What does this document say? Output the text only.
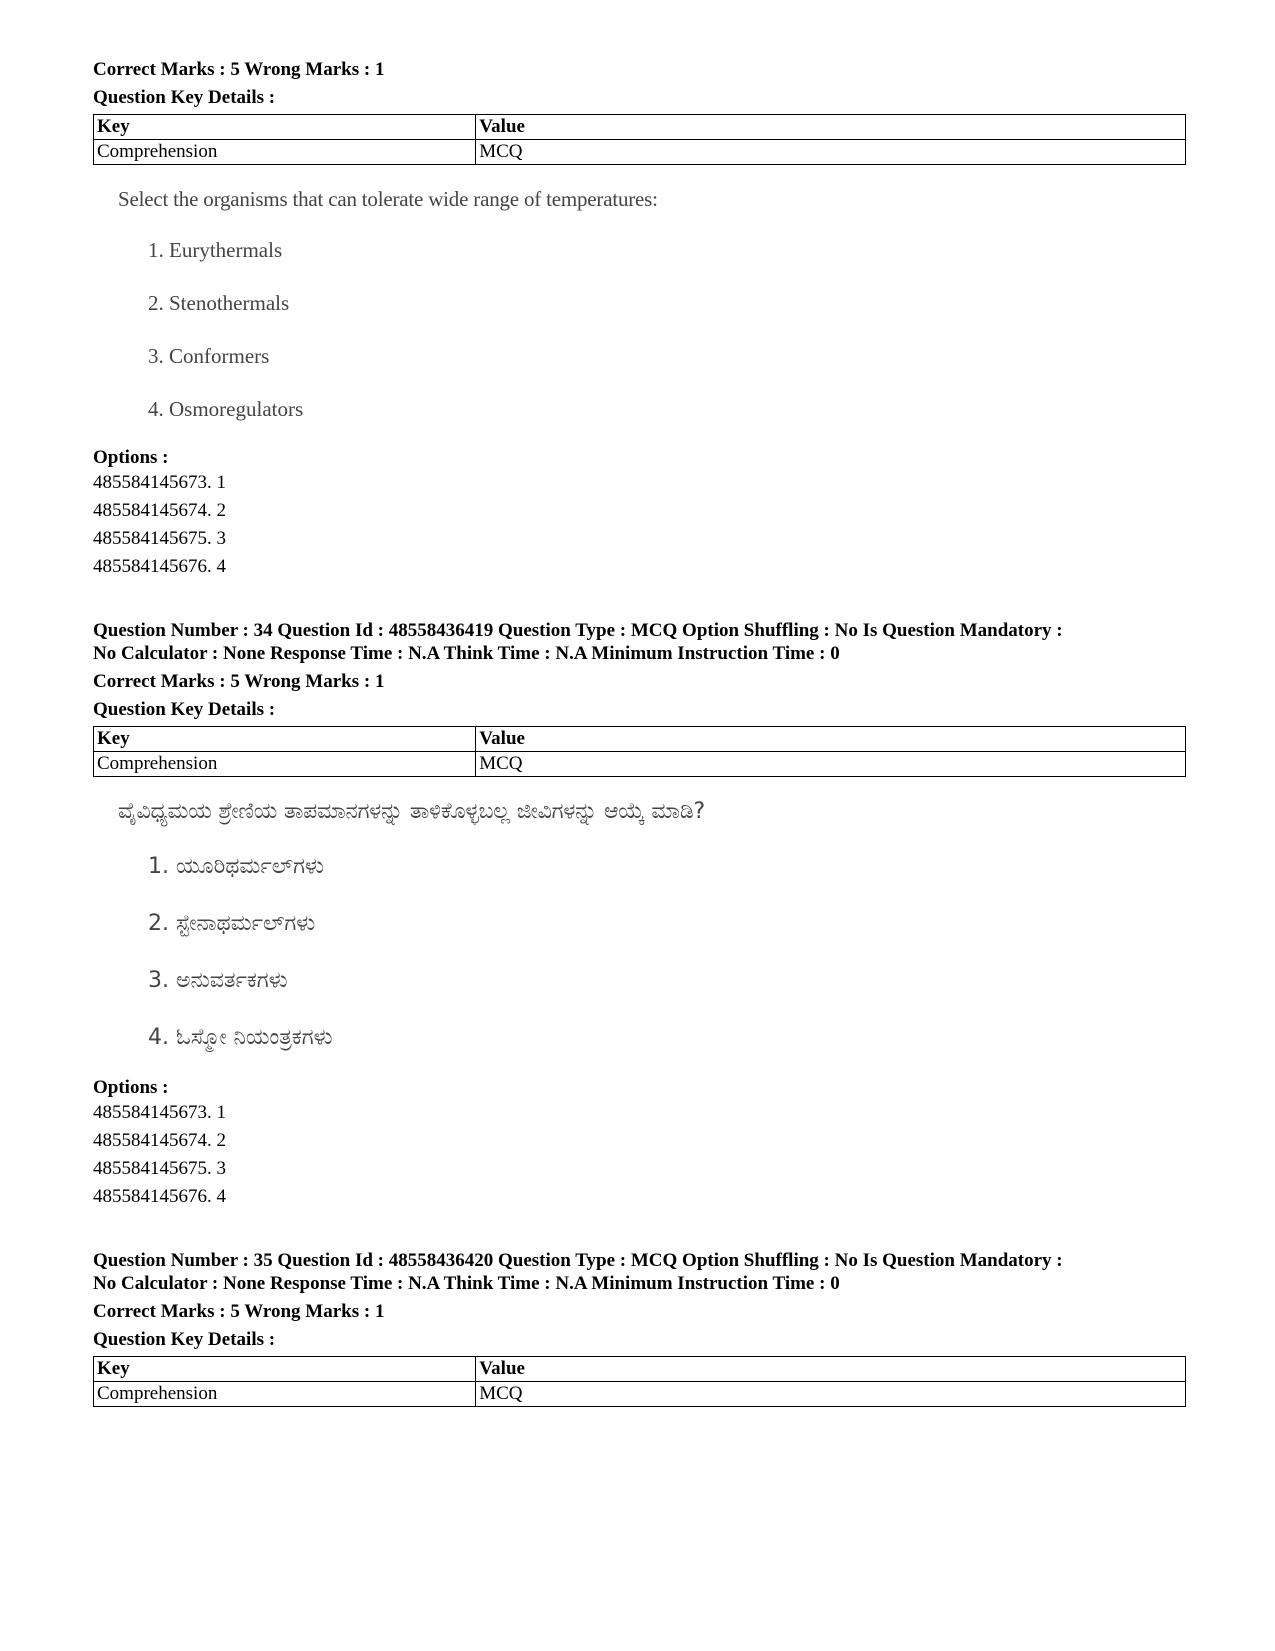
Correct Marks : 5 Wrong Marks : 1

Question Key Details :

Key	Value
Comprehension	MCQ

Select the organisms that can tolerate wide range of temperatures:

1. Eurythermals

2. Stenothermals

3. Conformers

4. Osmoregulators

Options :

485584145673. 1

485584145674. 2

485584145675. 3

485584145676. 4

Question Number : 34 Question Id : 48558436419 Question Type : MCQ Option Shuffling : No Is Question Mandatory :

No Calculator : None Response Time : N.A Think Time : N.A Minimum Instruction Time : 0

Correct Marks : 5 Wrong Marks : 1

Question Key Details :

Key	Value
Comprehension	MCQ

ವೈವಿಧ್ಯಮಯ ಶ್ರೇಣಿಯ ತಾಪಮಾನಗಳನ್ನು ತಾಳಿಕೊಳ್ಳಬಲ್ಲ ಜೀವಿಗಳನ್ನು ಆಯ್ಕೆ ಮಾಡಿ?

1. ಯೂರಿಥರ್ಮಲ್‌ಗಳು

2. ಸ್ಟೇನಾಥರ್ಮಲ್‌ಗಳು

3. ಅನುವರ್ತಕಗಳು

4. ಓಸ್ಮೋ ನಿಯಂತ್ರಕಗಳು

Options :

485584145673. 1

485584145674. 2

485584145675. 3

485584145676. 4

Question Number : 35 Question Id : 48558436420 Question Type : MCQ Option Shuffling : No Is Question Mandatory :

No Calculator : None Response Time : N.A Think Time : N.A Minimum Instruction Time : 0

Correct Marks : 5 Wrong Marks : 1

Question Key Details :

Key	Value
Comprehension	MCQ
